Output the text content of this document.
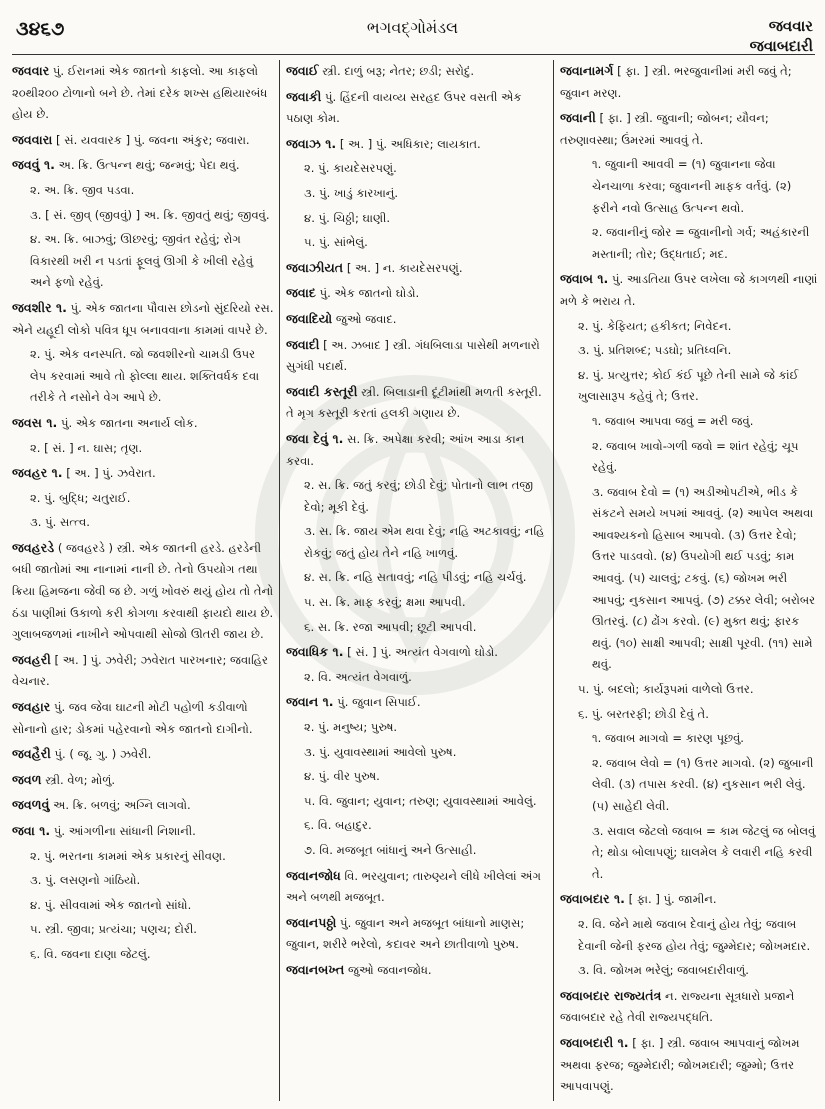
૩૪૬૭	ભગવદ્ગોમંડલ	જવવાર
જવાબદારી

જવવાર પું. ઈરાનમાં એક જાતનો કાફલો. આ કાફલો ૨૦થી૨૦૦ ટોળાનો બને છે. તેમાં દરેક શખ્સ હથિયારબંધ હોય છે.

જવવારા [ સં. યવવારક ] પું. જવના અંકુર; જવારા.

જવવું ૧. અ. ક્રિ. ઉત્પન્ન થવું; જન્મવું; પેદા થવું.

૨. અ. ક્રિ. જીવ પડવા.

૩. [ સં. જીવ્ (જીવવું) ] અ. ક્રિ. જીવતું થવું; જીવવું.

૪. અ. ક્રિ. બાઝવું; ઊછરવું; જીવંત રહેવું; રોગ વિકારથી ખરી ન પડતાં ફૂલવું ઊગી કે ખીલી રહેવું અને ફળો રહેવું.

જવશીર ૧. પું. એક જાતના પૌવાસ છોડનો સુંદરિયો રસ. એને યહૂદી લોકો પવિત્ર ધૂપ બનાવવાના કામમાં વાપરે છે.

૨. પું. એક વનસ્પતિ. જો જવશીરનો ચામડી ઉપર લેપ કરવામાં આવે તો ફોલ્લા થાય. શક્તિવર્ધક દવા તરીકે તે નસોને વેગ આપે છે.

જવસ ૧. પું. એક જાતના અનાર્ય લોક.

૨. [ સં. ] ન. ઘાસ; તૃણ.

જવહર ૧. [ અ. ] પું. ઝવેરાત.

૨. પું. બુદ્ધિ; ચતુરાઈ.

૩. પું. સત્ત્વ.

જવહરડે ( જવહરડે ) સ્ત્રી. એક જાતની હરડે. હરડેની બધી જાતોમાં આ નાનામાં નાની છે. તેનો ઉપયોગ તથા ક્રિયા હિમજના જેવી જ છે. ગળું ખોવરું થયું હોય તો તેનો ઠંડા પાણીમાં ઉકાળો કરી કોગળા કરવાથી ફાયદો થાય છે. ગુલાબજળમાં નાખીને ઓપવાથી સોજો ઊતરી જાય છે.

જવહરી [ અ. ] પું. ઝવેરી; ઝવેરાત પારખનાર; જવાહિર વેચનાર.

જવહાર પું. જવ જેવા ઘાટની મોટી પહોળી કડીવાળો સોનાનો હાર; ડોકમાં પહેરવાનો એક જાતનો દાગીનો.

જવહૈરી પું. ( જૂ. ગુ. ) ઝવેરી.

જવળ સ્ત્રી. વેળ; મોળું.

જવળવું અ. ક્રિ. બળવું; અગ્નિ લાગવો.

જવા ૧. પું. આંગળીના સાંધાની નિશાની.

૨. પું. ભરતના કામમાં એક પ્રકારનું સીવણ.

૩. પું. લસણનો ગાંઠિયો.

૪. પું. સીવવામાં એક જાતનો સાંધો.

૫. સ્ત્રી. જીવા; પ્રત્યંચા; પણચ; દોરી.

૬. વિ. જવના દાણા જેટલું.

જવાઈ સ્ત્રી. દાળું બરૂ; નેતર; છડી; સરોદું.

જવાકી પું. હિંદની વાયવ્ય સરહદ ઉપર વસતી એક પઠાણ કોમ.

જવાઝ ૧. [ અ. ] પું. અધિકાર; લાયકાત.

૨. પું. કાયદેસરપણું.

૩. પું. ખાડું કારખાનું.

૪. પું. ચિઠ્ઠી; ઘાણી.

૫. પું. સાંભેલું.

જવાઝીયત [ અ. ] ન. કાયદેસરપણું.

જવાદ પું. એક જાતનો ઘોડો.

જવાદિયો જુઓ જવાદ.

જવાદી [ અ. ઝબાદ ] સ્ત્રી. ગંધબિલાડા પાસેથી મળનારો સુગંધી પદાર્થ.

જવાદી કસ્તૂરી સ્ત્રી. બિલાડાની દૂંટીમાંથી મળતી કસ્તૂરી. તે મૃગ કસ્તૂરી કરતાં હલકી ગણાય છે.

જવા દેવું ૧. સ. ક્રિ. અપેક્ષા કરવી; આંખ આડા કાન કરવા.

૨. સ. ક્રિ. જતું કરવું; છોડી દેવું; પોતાનો લાભ તજી દેવો; મૂકી દેવું.

૩. સ. ક્રિ. જાય એમ થવા દેવું; નહિ અટકાવવું; નહિ રોકવું; જતું હોય તેને નહિ ખાળવું.

૪. સ. ક્રિ. નહિ સતાવવું; નહિ પીડવું; નહિ ચર્ચવું.

૫. સ. ક્રિ. માફ કરવું; ક્ષમા આપવી.

૬. સ. ક્રિ. રજા આપવી; છૂટી આપવી.

જવાધિક ૧. [ સં. ] પું. અત્યંત વેગવાળો ઘોડો.

૨. વિ. અત્યંત વેગવાળું.

જવાન ૧. પું. જુવાન સિપાઈ.

૨. પું. મનુષ્ય; પુરુષ.

૩. પું. યુવાવસ્થામાં આવેલો પુરુષ.

૪. પું. વીર પુરુષ.

૫. વિ. જુવાન; યુવાન; તરુણ; યુવાવસ્થામાં આવેલું.

૬. વિ. બહાદુર.

૭. વિ. મજબૂત બાંધાનું અને ઉત્સાહી.

જવાનજોધ વિ. ભરયુવાન; તારુણ્યને લીધે ખીલેલાં અંગ અને બળથી મજબૂત.

જવાનપઠ્ઠો પું. જુવાન અને મજબૂત બાંધાનો માણસ; જુવાન, શરીરે ભરેલો, કદાવર અને છાતીવાળો પુરુષ.

જવાનબખ્ત જુઓ જવાનજોધ.

જવાનામર્ગ [ ફા. ] સ્ત્રી. ભરજુવાનીમાં મરી જવું તે; જુવાન મરણ.

જવાની [ ફા. ] સ્ત્રી. જુવાની; જોબન; યૌવન; તરુણાવસ્થા; ઉંમરમાં આવવું તે.

૧. જુવાની આવવી = (૧) જુવાનના જેવા ચેનચાળા કરવા; જુવાનની માફક વર્તવું. (૨) ફરીને નવો ઉત્સાહ ઉત્પન્ન થવો.

૨. જવાનીનું જોર = જુવાનીનો ગર્વ; અહંકારની મસ્તાની; તોર; ઉદ્ધતાઈ; મદ.

જવાબ ૧. પું. આડતિયા ઉપર લખેલા જે કાગળથી નાણાં મળે કે ભરાય તે.

૨. પું. કેફિયત; હકીકત; નિવેદન.

૩. પું. પ્રતિશબ્દ; પડઘો; પ્રતિધ્વનિ.

૪. પું. પ્રત્યુત્તર; કોઈ કંઈ પૂછે તેની સામે જે કાંઈ ખુલાસારૂપ કહેવું તે; ઉત્તર.

૧. જવાબ આપવા જવું = મરી જવું.

૨. જવાબ ખાવો-ગળી જવો = શાંત રહેવું; ચૂપ રહેવું.

૩. જવાબ દેવો = (૧) અડીઓપટીએ, ભીડ કે સંકટને સમયે ખપમાં આવવું. (૨) આપેલ અથવા આવશ્યકનો હિસાબ આપવો. (૩) ઉત્તર દેવો; ઉત્તર પાડવવો. (૪) ઉપયોગી થઈ પડવું; કામ આવવું. (૫) ચાલવું; ટકવું. (૬) જોખમ ભરી આપવું; નુકસાન આપવું. (૭) ટક્કર લેવી; બરોબર ઊતરવું. (૮) ઢોંગ કરવો. (૯) મુક્ત થવું; ફારક થવું. (૧૦) સાક્ષી આપવી; સાક્ષી પૂરવી. (૧૧) સામે થવું.

૫. પું. બદલો; કાર્યરૂપમાં વાળેલો ઉત્તર.

૬. પું. બરતરફી; છોડી દેવું તે.

૧. જવાબ માગવો = કારણ પૂછવું.

૨. જવાબ લેવો = (૧) ઉત્તર માગવો. (૨) જુબાની લેવી. (૩) તપાસ કરવી. (૪) નુકસાન ભરી લેવું. (૫) સાહેદી લેવી.

૩. સવાલ જેટલો જવાબ = કામ જેટલું જ બોલવું તે; થોડા બોલાપણું; ઘાલમેલ કે લવારી નહિ કરવી તે.

જવાબદાર ૧. [ ફા. ] પું. જામીન.

૨. વિ. જેને માથે જવાબ દેવાનું હોય તેવું; જવાબ દેવાની જેની ફરજ હોય તેવું; જુમ્મેદાર; જોખમદાર.

૩. વિ. જોખમ ભરેલું; જવાબદારીવાળું.

જવાબદાર રાજ્યતંત્ર ન. રાજ્યના સૂત્રધારો પ્રજાને જવાબદાર રહે તેવી રાજ્યપદ્ધતિ.

જવાબદારી ૧. [ ફા. ] સ્ત્રી. જવાબ આપવાનું જોખમ અથવા ફરજ; જુમ્મેદારી; જોખમદારી; જુમ્મો; ઉત્તર આપવાપણું.
